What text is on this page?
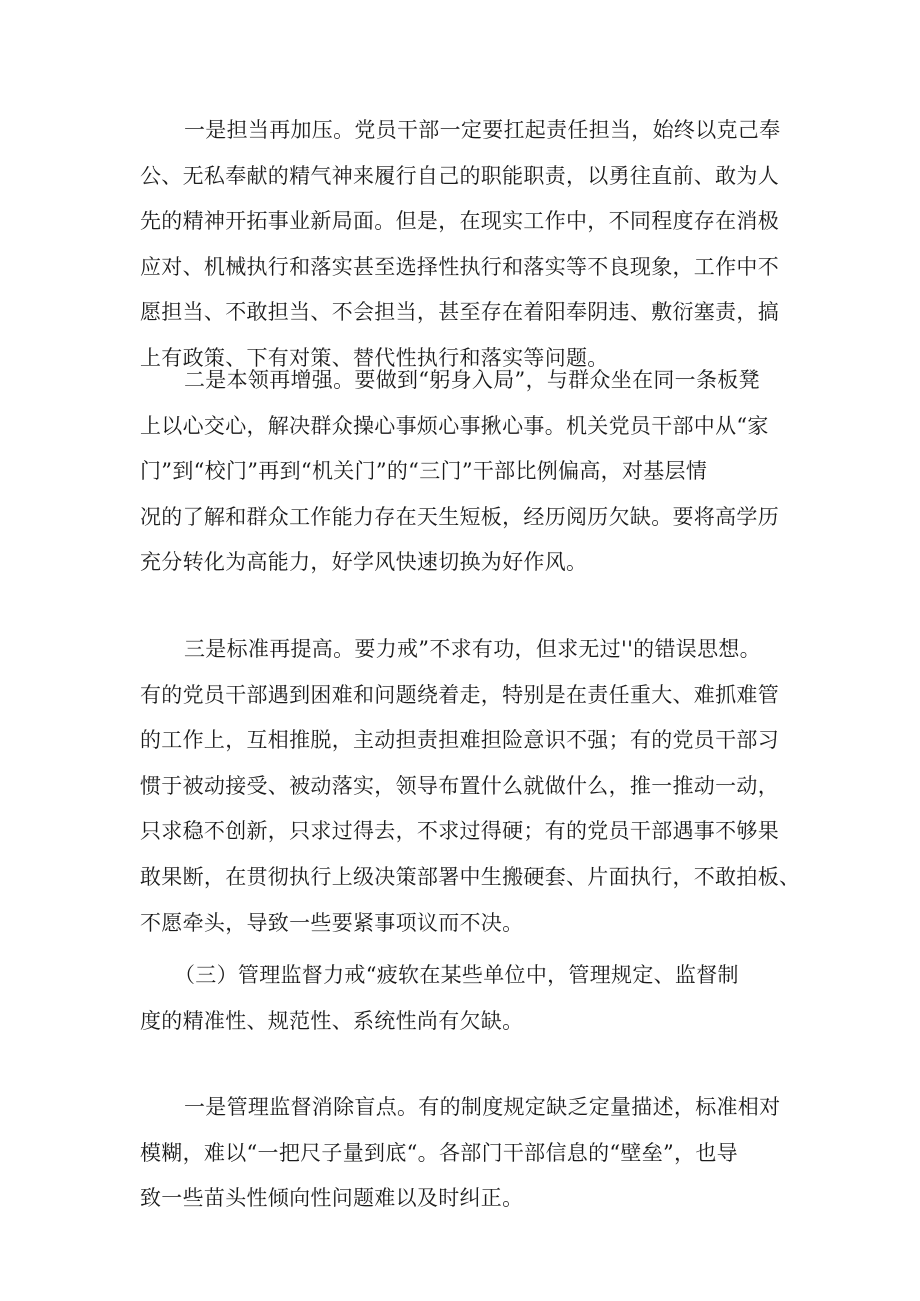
一是担当再加压。党员干部一定要扛起责任担当，始终以克己奉
公、无私奉献的精气神来履行自己的职能职责，以勇往直前、敢为人
先的精神开拓事业新局面。但是，在现实工作中，不同程度存在消极
应对、机械执行和落实甚至选择性执行和落实等不良现象，工作中不
愿担当、不敢担当、不会担当，甚至存在着阳奉阴违、敷衍塞责，搞
上有政策、下有对策、替代性执行和落实等问题。
二是本领再增强。要做到“躬身入局”，与群众坐在同一条板凳
上以心交心，解决群众操心事烦心事揪心事。机关党员干部中从“家
门”到“校门”再到“机关门”的“三门”干部比例偏高，对基层情
况的了解和群众工作能力存在天生短板，经历阅历欠缺。要将高学历
充分转化为高能力，好学风快速切换为好作风。
三是标准再提高。要力戒”不求有功，但求无过''的错误思想。
有的党员干部遇到困难和问题绕着走，特别是在责任重大、难抓难管
的工作上，互相推脱，主动担责担难担险意识不强；有的党员干部习
惯于被动接受、被动落实，领导布置什么就做什么，推一推动一动，
只求稳不创新，只求过得去，不求过得硬；有的党员干部遇事不够果
敢果断，在贯彻执行上级决策部署中生搬硬套、片面执行，不敢拍板、
不愿牵头，导致一些要紧事项议而不决。
（三）管理监督力戒“疲软在某些单位中，管理规定、监督制
度的精准性、规范性、系统性尚有欠缺。
一是管理监督消除盲点。有的制度规定缺乏定量描述，标准相对
模糊，难以“一把尺子量到底“。各部门干部信息的“壁垒”，也导
致一些苗头性倾向性问题难以及时纠正。
